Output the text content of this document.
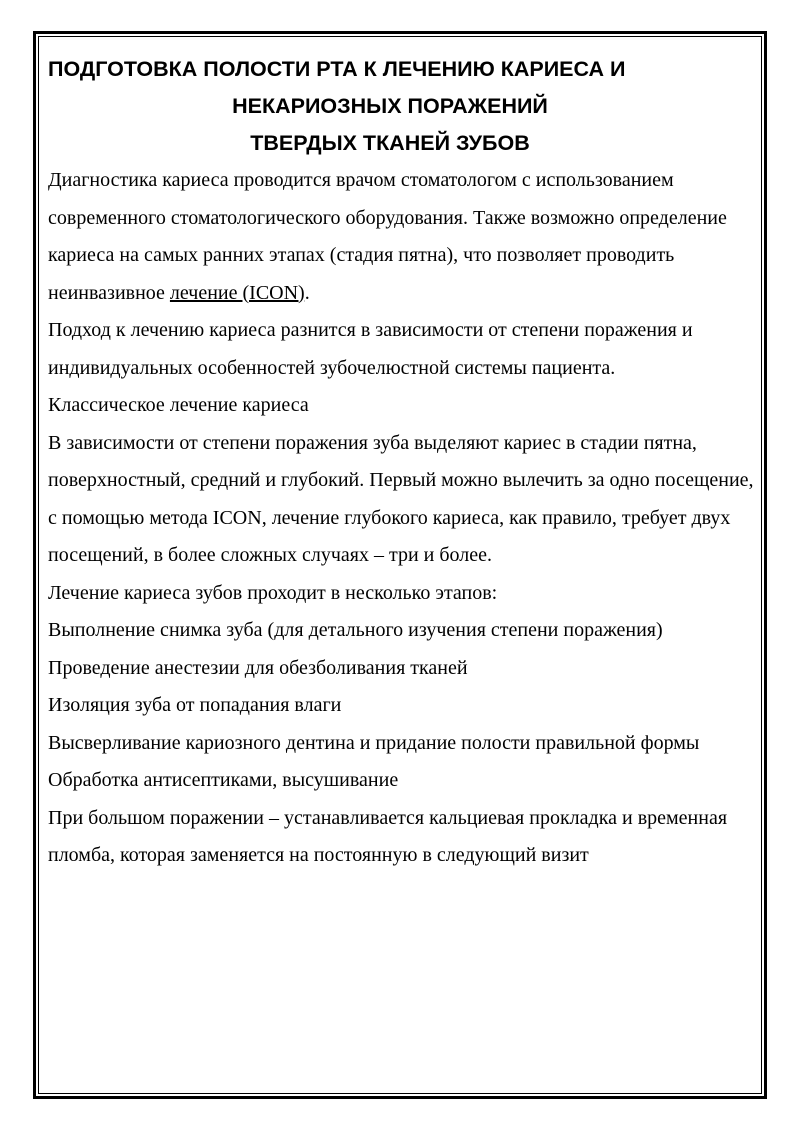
ПОДГОТОВКА ПОЛОСТИ РТА К ЛЕЧЕНИЮ КАРИЕСА И
НЕКАРИОЗНЫХ ПОРАЖЕНИЙ
ТВЕРДЫХ ТКАНЕЙ ЗУБОВ

Диагностика кариеса проводится врачом стоматологом с использованием современного стоматологического оборудования. Также возможно определение кариеса на самых ранних этапах (стадия пятна), что позволяет проводить неинвазивное лечение (ICON).

Подход к лечению кариеса разнится в зависимости от степени поражения и индивидуальных особенностей зубочелюстной системы пациента.

Классическое лечение кариеса

В зависимости от степени поражения зуба выделяют кариес в стадии пятна, поверхностный, средний и глубокий. Первый можно вылечить за одно посещение, с помощью метода ICON, лечение глубокого кариеса, как правило, требует двух посещений, в более сложных случаях – три и более.

Лечение кариеса зубов проходит в несколько этапов:

Выполнение снимка зуба (для детального изучения степени поражения)

Проведение анестезии для обезболивания тканей

Изоляция зуба от попадания влаги

Высверливание кариозного дентина и придание полости правильной формы

Обработка антисептиками, высушивание

При большом поражении – устанавливается кальциевая прокладка и временная пломба, которая заменяется на постоянную в следующий визит
